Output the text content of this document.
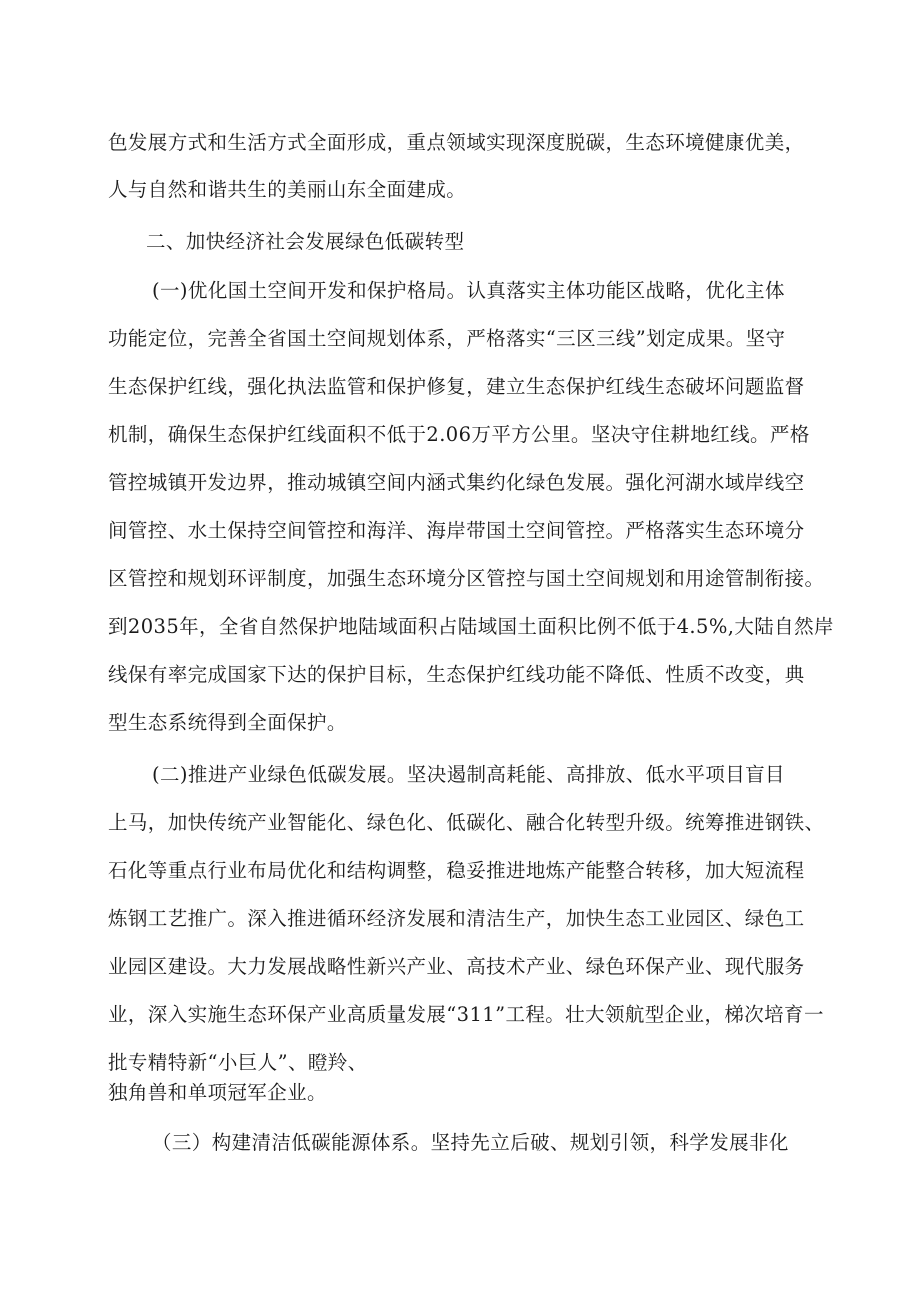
色发展方式和生活方式全面形成，重点领域实现深度脱碳，生态环境健康优美，
人与自然和谐共生的美丽山东全面建成。
二、加快经济社会发展绿色低碳转型
(一)优化国土空间开发和保护格局。认真落实主体功能区战略，优化主体
功能定位，完善全省国土空间规划体系，严格落实“三区三线”划定成果。坚守
生态保护红线，强化执法监管和保护修复，建立生态保护红线生态破坏问题监督
机制，确保生态保护红线面积不低于2.06万平方公里。坚决守住耕地红线。严格
管控城镇开发边界，推动城镇空间内涵式集约化绿色发展。强化河湖水域岸线空
间管控、水土保持空间管控和海洋、海岸带国土空间管控。严格落实生态环境分
区管控和规划环评制度，加强生态环境分区管控与国土空间规划和用途管制衔接。
到2035年，全省自然保护地陆域面积占陆域国土面积比例不低于4.5%,大陆自然岸
线保有率完成国家下达的保护目标，生态保护红线功能不降低、性质不改变，典
型生态系统得到全面保护。
(二)推进产业绿色低碳发展。坚决遏制高耗能、高排放、低水平项目盲目
上马，加快传统产业智能化、绿色化、低碳化、融合化转型升级。统筹推进钢铁、
石化等重点行业布局优化和结构调整，稳妥推进地炼产能整合转移，加大短流程
炼钢工艺推广。深入推进循环经济发展和清洁生产，加快生态工业园区、绿色工
业园区建设。大力发展战略性新兴产业、高技术产业、绿色环保产业、现代服务
业，深入实施生态环保产业高质量发展“311”工程。壮大领航型企业，梯次培育一
批专精特新“小巨人”、瞪羚、
独角兽和单项冠军企业。
（三）构建清洁低碳能源体系。坚持先立后破、规划引领，科学发展非化
